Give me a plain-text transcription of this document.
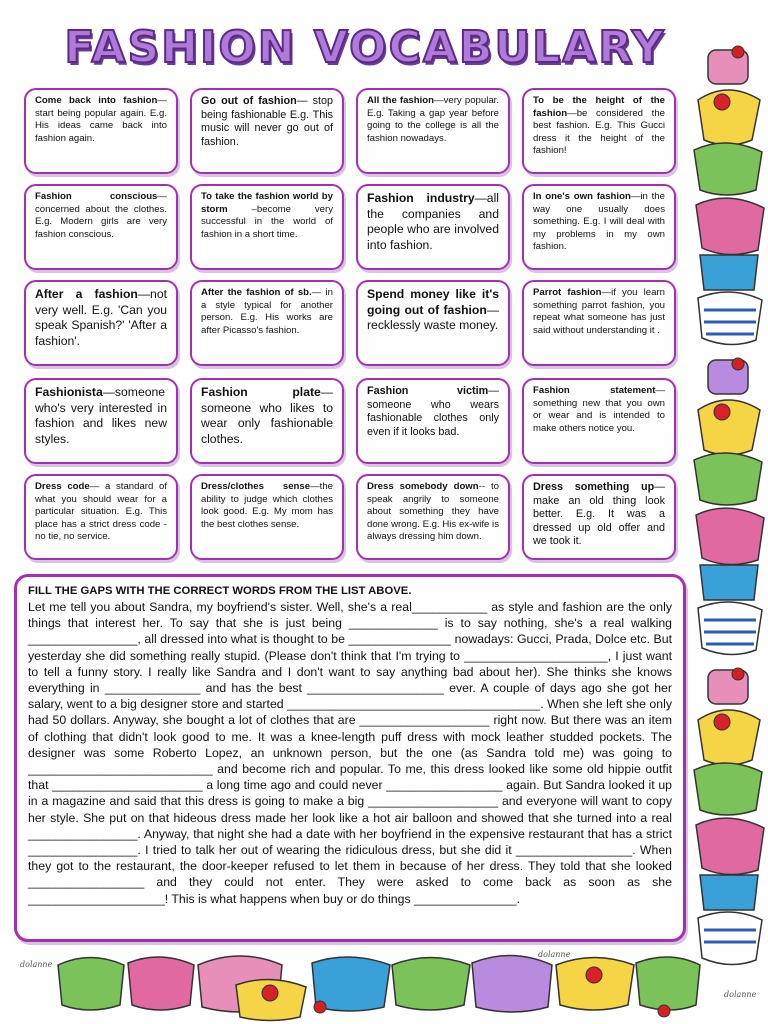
FASHION VOCABULARY
Come back into fashion—start being popular again. E.g. His ideas came back into fashion again.
Go out of fashion— stop being fashionable E.g. This music will never go out of fashion.
All the fashion—very popular. E.g. Taking a gap year before going to the college is all the fashion nowadays.
To be the height of the fashion—be considered the best fashion. E.g. This Gucci dress it the height of the fashion!
Fashion conscious— concerned about the clothes. E.g. Modern girls are very fashion conscious.
To take the fashion world by storm –become very successful in the world of fashion in a short time.
Fashion industry—all the companies and people who are involved into fashion.
In one's own fashion—in the way one usually does something. E.g. I will deal with my problems in my own fashion.
After a fashion—not very well. E.g. 'Can you speak Spanish?' 'After a fashion'.
After the fashion of sb.— in a style typical for another person. E.g. His works are after Picasso's fashion.
Spend money like it's going out of fashion—recklessly waste money.
Parrot fashion—if you learn something parrot fashion, you repeat what someone has just said without understanding it .
Fashionista—someone who's very interested in fashion and likes new styles.
Fashion plate— someone who likes to wear only fashionable clothes.
Fashion victim— someone who wears fashionable clothes only even if it looks bad.
Fashion statement— something new that you own or wear and is intended to make others notice you.
Dress code— a standard of what you should wear for a particular situation. E.g. This place has a strict dress code - no tie, no service.
Dress/clothes sense—the ability to judge which clothes look good. E.g. My mom has the best clothes sense.
Dress somebody down-- to speak angrily to someone about something they have done wrong. E.g. His ex-wife is always dressing him down.
Dress something up—make an old thing look better. E.g. It was a dressed up old offer and we took it.
FILL THE GAPS WITH THE CORRECT WORDS FROM THE LIST ABOVE.

Let me tell you about Sandra, my boyfriend's sister. Well, she's a real___________ as style and fashion are the only things that interest her. To say that she is just being _____________ is to say nothing, she's a real walking ________________, all dressed into what is thought to be _______________ nowadays: Gucci, Prada, Dolce etc. But yesterday she did something really stupid. (Please don't think that I'm trying to _____________________, I just want to tell a funny story. I really like Sandra and I don't want to say anything bad about her). She thinks she knows everything in ______________ and has the best ____________________ ever. A couple of days ago she got her salary, went to a big designer store and started _____________________________________. When she left she only had 50 dollars. Anyway, she bought a lot of clothes that are ___________________ right now. But there was an item of clothing that didn't look good to me. It was a knee-length puff dress with mock leather studded pockets. The designer was some Roberto Lopez, an unknown person, but the one (as Sandra told me) was going to ___________________________ and become rich and popular. To me, this dress looked like some old hippie outfit that ______________________ a long time ago and could never _________________ again. But Sandra looked it up in a magazine and said that this dress is going to make a big ___________________ and everyone will want to copy her style. She put on that hideous dress made her look like a hot air balloon and showed that she turned into a real ________________. Anyway, that night she had a date with her boyfriend in the expensive restaurant that has a strict ________________. I tried to talk her out of wearing the ridiculous dress, but she did it _________________. When they got to the restaurant, the door-keeper refused to let them in because of her dress. They told that she looked _________________ and they could not enter. They were asked to come back as soon as she ____________________! This is what happens when buy or do things _______________.

dolanne
dolanne
dolanne
